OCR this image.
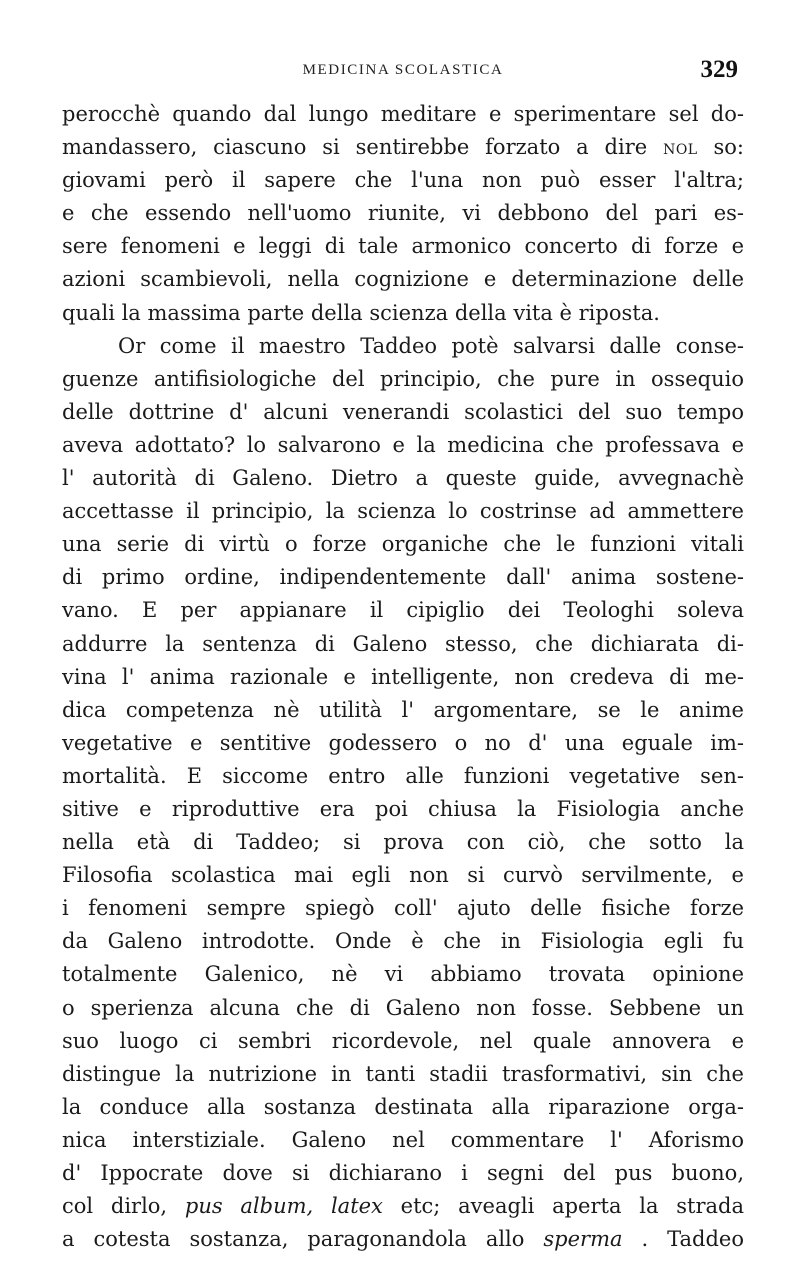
MEDICINA SCOLASTICA	329
perocchè quando dal lungo meditare e sperimentare sel do-
mandassero, ciascuno si sentirebbe forzato a dire nol so:
giovami però il sapere che l'una non può esser l'altra;
e che essendo nell'uomo riunite, vi debbono del pari es-
sere fenomeni e leggi di tale armonico concerto di forze e
azioni scambievoli, nella cognizione e determinazione delle
quali la massima parte della scienza della vita è riposta.
Or come il maestro Taddeo potè salvarsi dalle conse-
guenze antifisiologiche del principio, che pure in ossequio
delle dottrine d' alcuni venerandi scolastici del suo tempo
aveva adottato? lo salvarono e la medicina che professava e
l' autorità di Galeno. Dietro a queste guide, avvegnachè
accettasse il principio, la scienza lo costrinse ad ammettere
una serie di virtù o forze organiche che le funzioni vitali
di primo ordine, indipendentemente dall' anima sostene-
vano. E per appianare il cipiglio dei Teologhi soleva
addurre la sentenza di Galeno stesso, che dichiarata di-
vina l' anima razionale e intelligente, non credeva di me-
dica competenza nè utilità l' argomentare, se le anime
vegetative e sentitive godessero o no d' una eguale im-
mortalità. E siccome entro alle funzioni vegetative sen-
sitive e riproduttive era poi chiusa la Fisiologia anche
nella età di Taddeo; si prova con ciò, che sotto la
Filosofia scolastica mai egli non si curvò servilmente, e
i fenomeni sempre spiegò coll' ajuto delle fisiche forze
da Galeno introdotte. Onde è che in Fisiologia egli fu
totalmente Galenico, nè vi abbiamo trovata opinione
o sperienza alcuna che di Galeno non fosse. Sebbene un
suo luogo ci sembri ricordevole, nel quale annovera e
distingue la nutrizione in tanti stadii trasformativi, sin che
la conduce alla sostanza destinata alla riparazione orga-
nica interstiziale. Galeno nel commentare l' Aforismo
d' Ippocrate dove si dichiarano i segni del pus buono,
col dirlo, pus album, latex etc; aveagli aperta la strada
a cotesta sostanza, paragonandola allo sperma . Taddeo
